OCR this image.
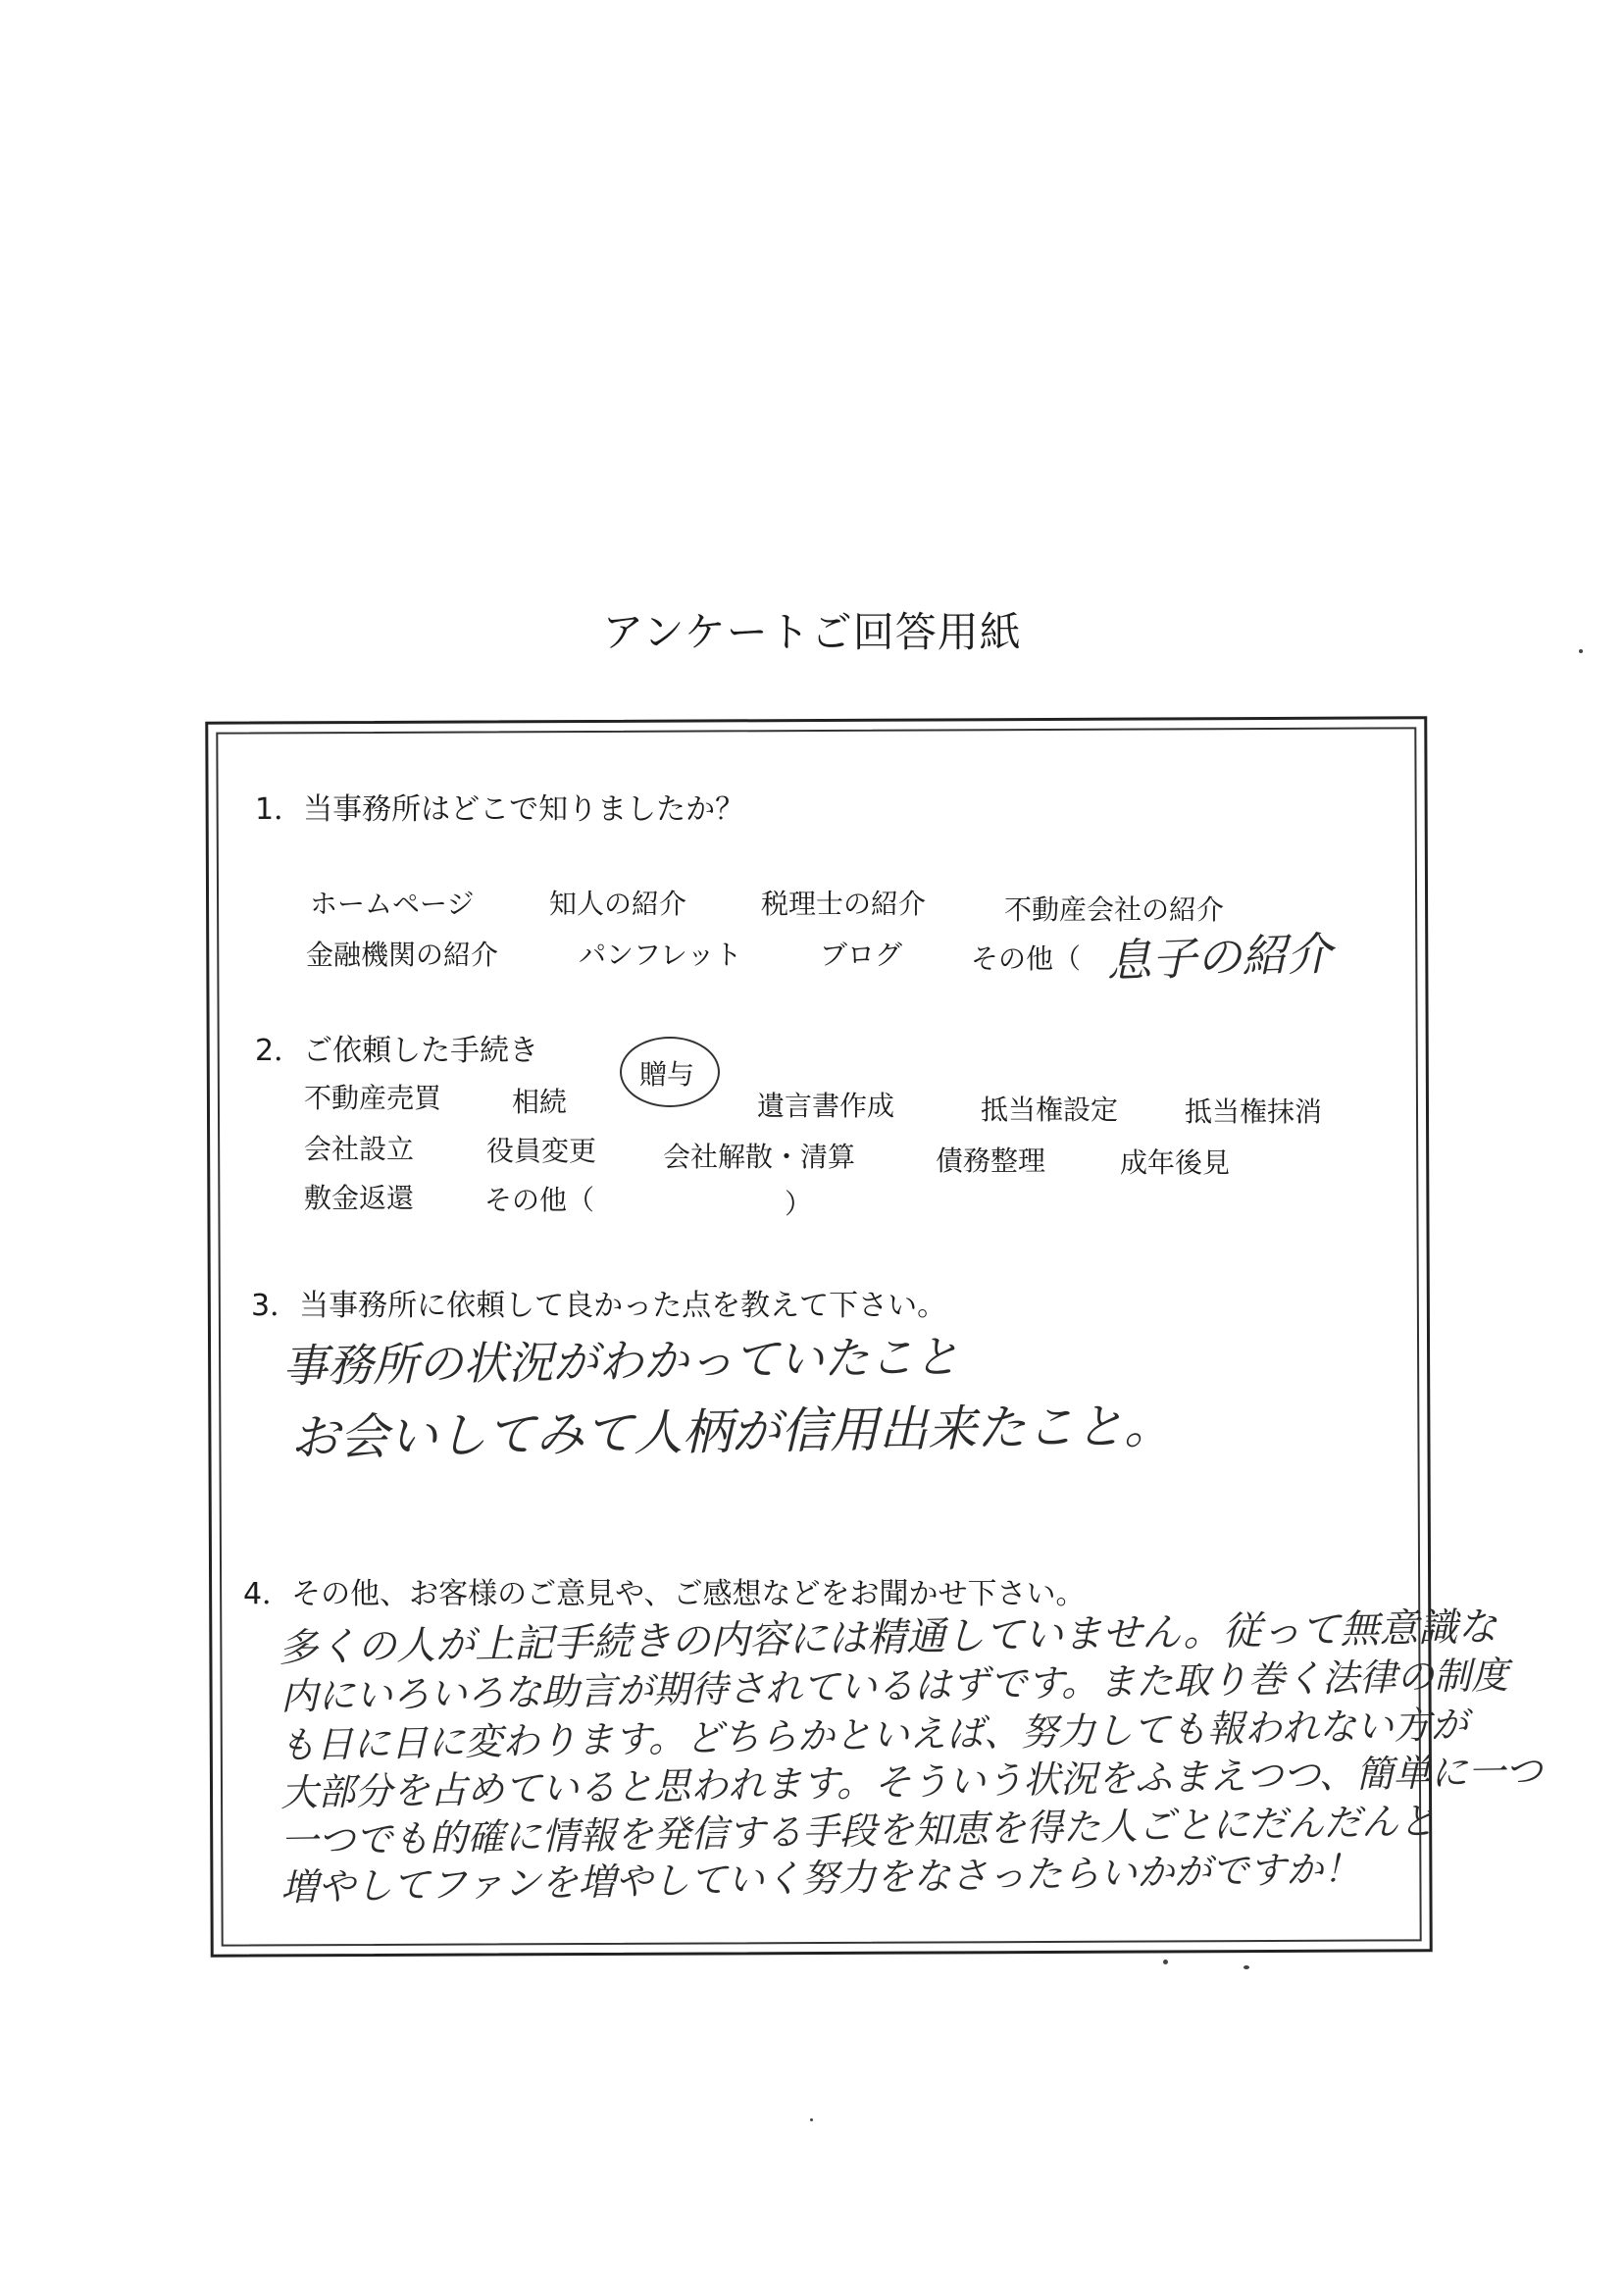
アンケートご回答用紙
1．当事務所はどこで知りましたか？
ホームページ	知人の紹介	税理士の紹介	不動産会社の紹介
金融機関の紹介	パンフレット	ブログ その他（ 息子の紹介
2．ご依頼した手続き
不動産売買	相続
贈与
遺言書作成	抵当権設定 抵当権抹消
会社設立	役員変更 会社解散・清算	債務整理	成年後見
敷金返還	その他（	）
3．当事務所に依頼して良かった点を教えて下さい。
事務所の状況がわかっていたこと
お会いしてみて人柄が信用出来たこと。
4．その他、お客様のご意見や、ご感想などをお聞かせ下さい。
多くの人が上記手続きの内容には精通していません。従って無意識な
内にいろいろな助言が期待されているはずです。また取り巻く法律の制度
も日に日に変わります。どちらかといえば、努力しても報われない方が
大部分を占めていると思われます。そういう状況をふまえつつ、簡単に一つ
一つでも的確に情報を発信する手段を知恵を得た人ごとにだんだんと
増やしてファンを増やしていく努力をなさったらいかがですか！
